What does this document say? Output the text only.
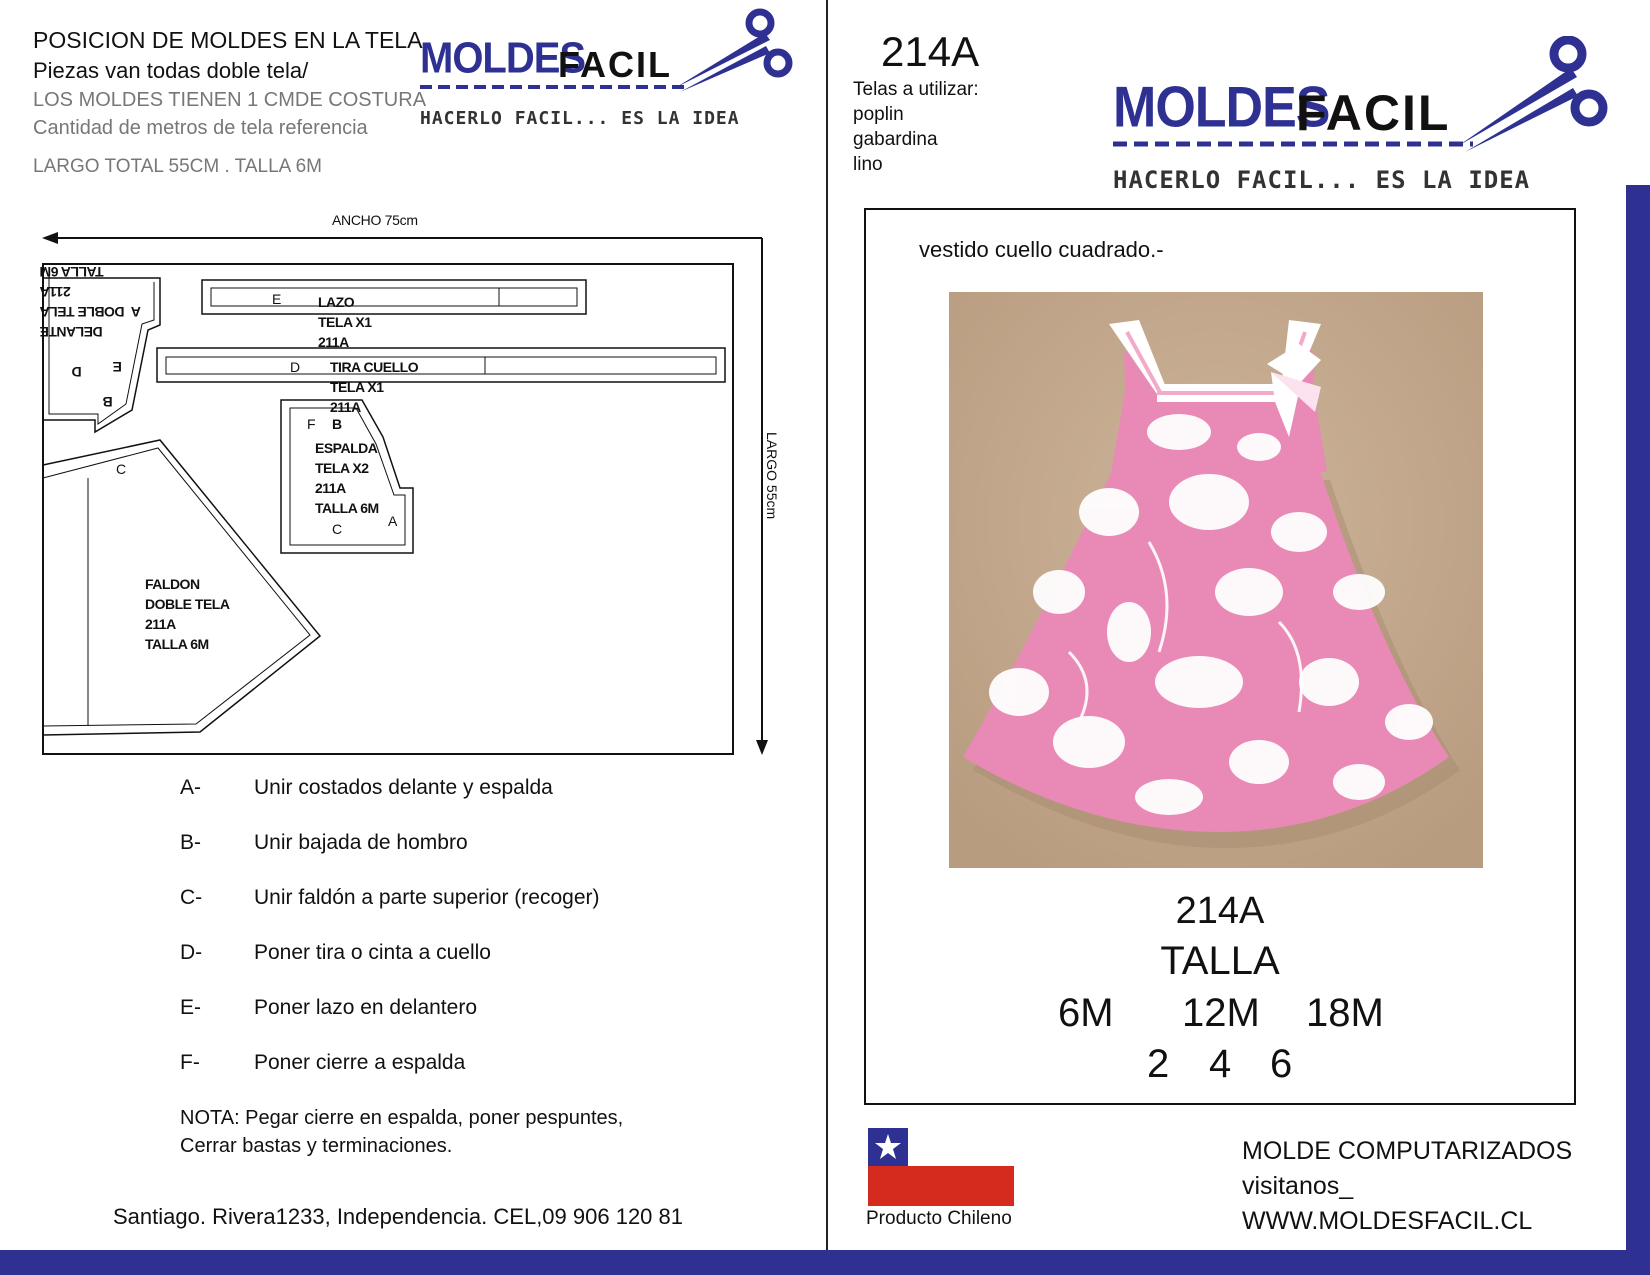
POSICION DE MOLDES EN LA TELA
Piezas van todas doble tela/
LOS MOLDES TIENEN 1 CMDE COSTURA
Cantidad de metros de tela referencia
LARGO TOTAL 55CM . TALLA 6M
MOLDES
FACIL
HACERLO FACIL... ES LA IDEA
ANCHO 75cm
LARGO 55cm
DELANTE
A  DOBLE TELA
211A
TALLA 6M
E
D
B
E	LAZO
TELA X1
211A
D TIRA CUELLO
TELA X1
211A
F B
ESPALDA
TELA X2
211A
TALLA 6M
C	A
C
FALDON
DOBLE TELA
211A
TALLA 6M
A-	Unir costados delante y espalda
B-	Unir bajada de hombro
C- Unir faldón a parte superior (recoger)
D- Poner tira o cinta a cuello
E-	Poner lazo en delantero
F-	Poner cierre a espalda
NOTA: Pegar cierre en espalda, poner pespuntes,
Cerrar bastas y terminaciones.
Santiago. Rivera1233, Independencia. CEL,09 906 120 81
214A
Telas a utilizar:
poplin
gabardina
lino
MOLDES
FACIL
HACERLO FACIL... ES LA IDEA
vestido cuello cuadrado.-
214A
TALLA
6M 12M 18M
2 4 6
Producto Chileno
MOLDE COMPUTARIZADOS
visitanos_
WWW.MOLDESFACIL.CL
